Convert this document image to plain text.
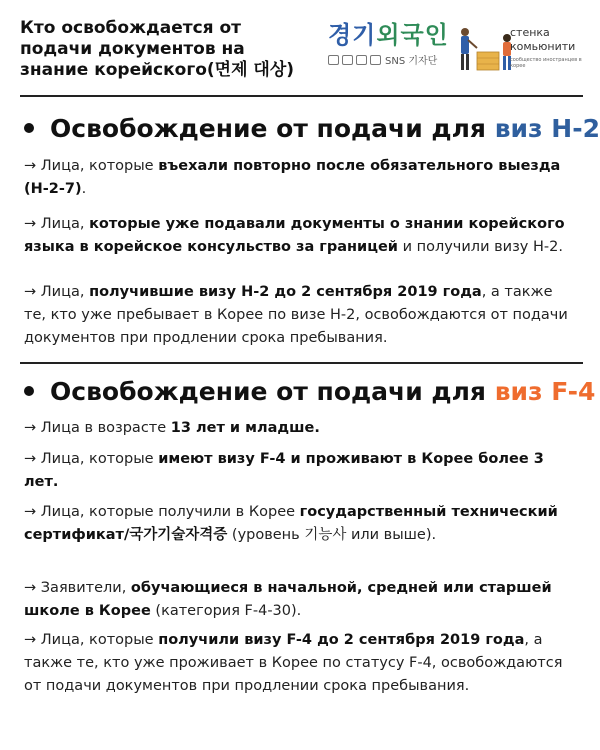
Кто освобождается от
подачи документов на
знание корейского(면제 대상)
경기외국인
SNS 기자단
стенка
комьюнити
сообщество иностранцев в корее
Освобождение от подачи для виз Н-2
→ Лица, которые въехали повторно после обязательного выезда (Н-2-7).
→ Лица, которые уже подавали документы о знании корейского языка в корейское консульство за границей и получили визу Н-2.
→ Лица, получившие визу Н-2 до 2 сентября 2019 года, а также те, кто уже пребывает в Корее по визе Н-2, освобождаются от подачи документов при продлении срока пребывания.
Освобождение от подачи для виз F-4
→ Лица в возрасте 13 лет и младше.
→ Лица, которые имеют визу F-4 и проживают в Корее более 3 лет.
→ Лица, которые получили в Корее государственный технический сертификат/국가기술자격증 (уровень 기능사 или выше).
→ Заявители, обучающиеся в начальной, средней или старшей школе в Корее (категория F-4-30).
→ Лица, которые получили визу F-4 до 2 сентября 2019 года, а также те, кто уже проживает в Корее по статусу F-4, освобождаются от подачи документов при продлении срока пребывания.
